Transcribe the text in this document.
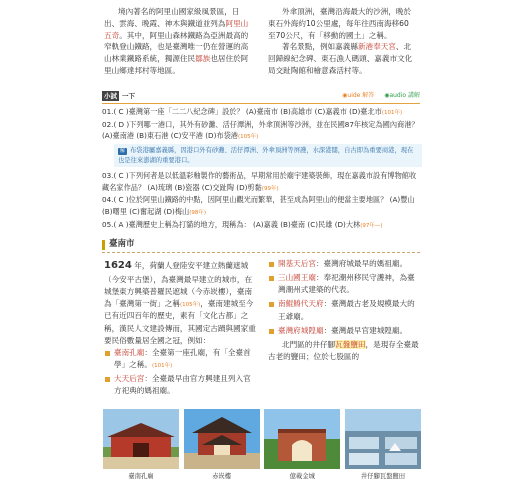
境內著名的阿里山國家級風景區，日出、雲海、晚霞、神木與鐵道並列為阿里山五奇。其中，阿里山森林鐵路為亞洲最高的窄軌登山鐵路，也是臺灣唯一仍在營運的高山林業鐵路系統，獨源住民鄒族也居住於阿里山鄉達邦村等地區。

外傘頂洲，臺灣沿海最大的沙洲，晚於東石外海約10公里處，每年往西南海移60至70公尺，有「移動的國土」之稱。

著名景點，例如嘉義縣新港奉天宮、北回歸線紀念碑、東石漁人碼頭、嘉義市文化局交趾陶館和檜意森活村等。

小試 一下	◉uide 解答 ◉audio 講解
01.( C )臺灣第一座「二二八紀念碑」設於？ (A)臺南市 (B)高雄市 (C)嘉義市 (D)臺北市(101年)
02.( D )下列哪一港口，其外有砂灘、活仔潭洲，外傘頂洲等沙洲，並在民國87年核定為國內商港？ (A)臺南港 (B)東石港 (C)安平港 (D)布袋港(105年)
解 布袋港屬嘉義縣，因港口外有砂灘、活仔潭洲、外傘頂洲等屏護，水深港闊，自古即為重要商港，現在也是往來澎湖的重要港口。
03.( C )下列何者是以低溫彩釉製作的藝術品，早期常用於廟宇建築裝飾，現在嘉義市設有博物館收藏名家作品？ (A)琉璃 (B)瓷器 (C)交趾陶 (D)剪黏(99年)
04.( C )位於阿里山鐵路的中點，因阿里山觀光而繁華，甚至成為阿里山的便當主要地區？ (A)豐山 (B)曙里 (C)奮起湖 (D)梅山(98年)
05.( A )臺灣歷史上稱為打貓的地方，現稱為： (A)嘉義 (B)臺南 (C)民雄 (D)大林(97年—)
臺南市

1624 年，荷蘭人登陸安平建立熱蘭遮城（今安平古堡），為臺灣最早建立的城市，在城堡東方興築普羅民遮城（今赤崁樓），臺南為「臺灣第一街」之稱(105年)，臺南建城至今已有近四百年的歷史，素有「文化古都」之稱，漢民人文建設傳而，其國定古蹟與國家重要民俗數量居全國之冠，例如：

臺南孔廟：全臺第一座孔廟，有「全臺首學」之稱。(101年)
大天后宮：全臺最早由官方興建且列入官方祀典的媽祖廟。
開基天后宮：臺灣府城最早的媽祖廟。
三山國王廟：奉祀潮州移民守護神，為臺灣潮州式建築的代表。
南鯤鯓代天府：臺灣最古老及規模最大的王爺廟。
臺灣府城隍廟：臺灣最早官建城隍廟。

北門區的井仔腳瓦盤鹽田，是現存全臺最古老的鹽田；位於七股區的

臺南孔廟	赤崁樓	億載金城	井仔腳瓦盤鹽田
